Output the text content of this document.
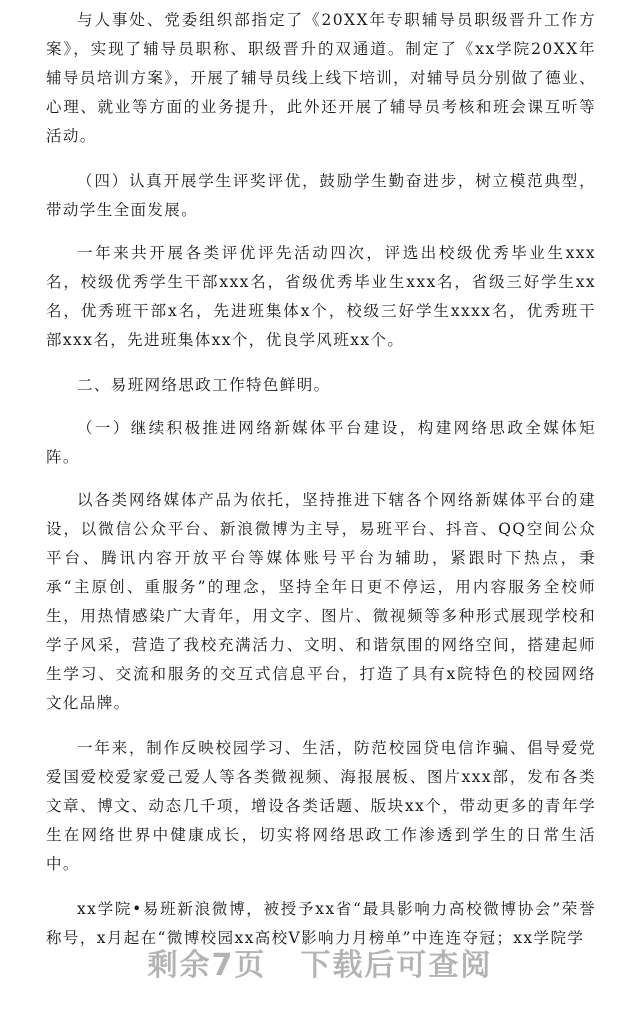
与人事处、党委组织部指定了《20XX年专职辅导员职级晋升工作方案》，实现了辅导员职称、职级晋升的双通道。制定了《xx学院20XX年辅导员培训方案》，开展了辅导员线上线下培训，对辅导员分别做了德业、心理、就业等方面的业务提升，此外还开展了辅导员考核和班会课互听等活动。

（四）认真开展学生评奖评优，鼓励学生勤奋进步，树立模范典型，带动学生全面发展。

一年来共开展各类评优评先活动四次，评选出校级优秀毕业生xxx名，校级优秀学生干部xxx名，省级优秀毕业生xxx名，省级三好学生xx名，优秀班干部x名，先进班集体x个，校级三好学生xxxx名，优秀班干部xxx名，先进班集体xx个，优良学风班xx个。

二、易班网络思政工作特色鲜明。

（一）继续积极推进网络新媒体平台建设，构建网络思政全媒体矩阵。

以各类网络媒体产品为依托，坚持推进下辖各个网络新媒体平台的建设，以微信公众平台、新浪微博为主导，易班平台、抖音、QQ空间公众平台、腾讯内容开放平台等媒体账号平台为辅助，紧跟时下热点，秉承“主原创、重服务”的理念，坚持全年日更不停运，用内容服务全校师生，用热情感染广大青年，用文字、图片、微视频等多种形式展现学校和学子风采，营造了我校充满活力、文明、和谐氛围的网络空间，搭建起师生学习、交流和服务的交互式信息平台，打造了具有x院特色的校园网络文化品牌。

一年来，制作反映校园学习、生活，防范校园贷电信诈骗、倡导爱党爱国爱校爱家爱己爱人等各类微视频、海报展板、图片xxx部，发布各类文章、博文、动态几千项，增设各类话题、版块xx个，带动更多的青年学生在网络世界中健康成长，切实将网络思政工作渗透到学生的日常生活中。

xx学院•易班新浪微博，被授予xx省“最具影响力高校微博协会”荣誉称号，x月起在“微博校园xx高校V影响力月榜单”中连连夺冠；xx学院学

剩余7页 下载后可查阅
